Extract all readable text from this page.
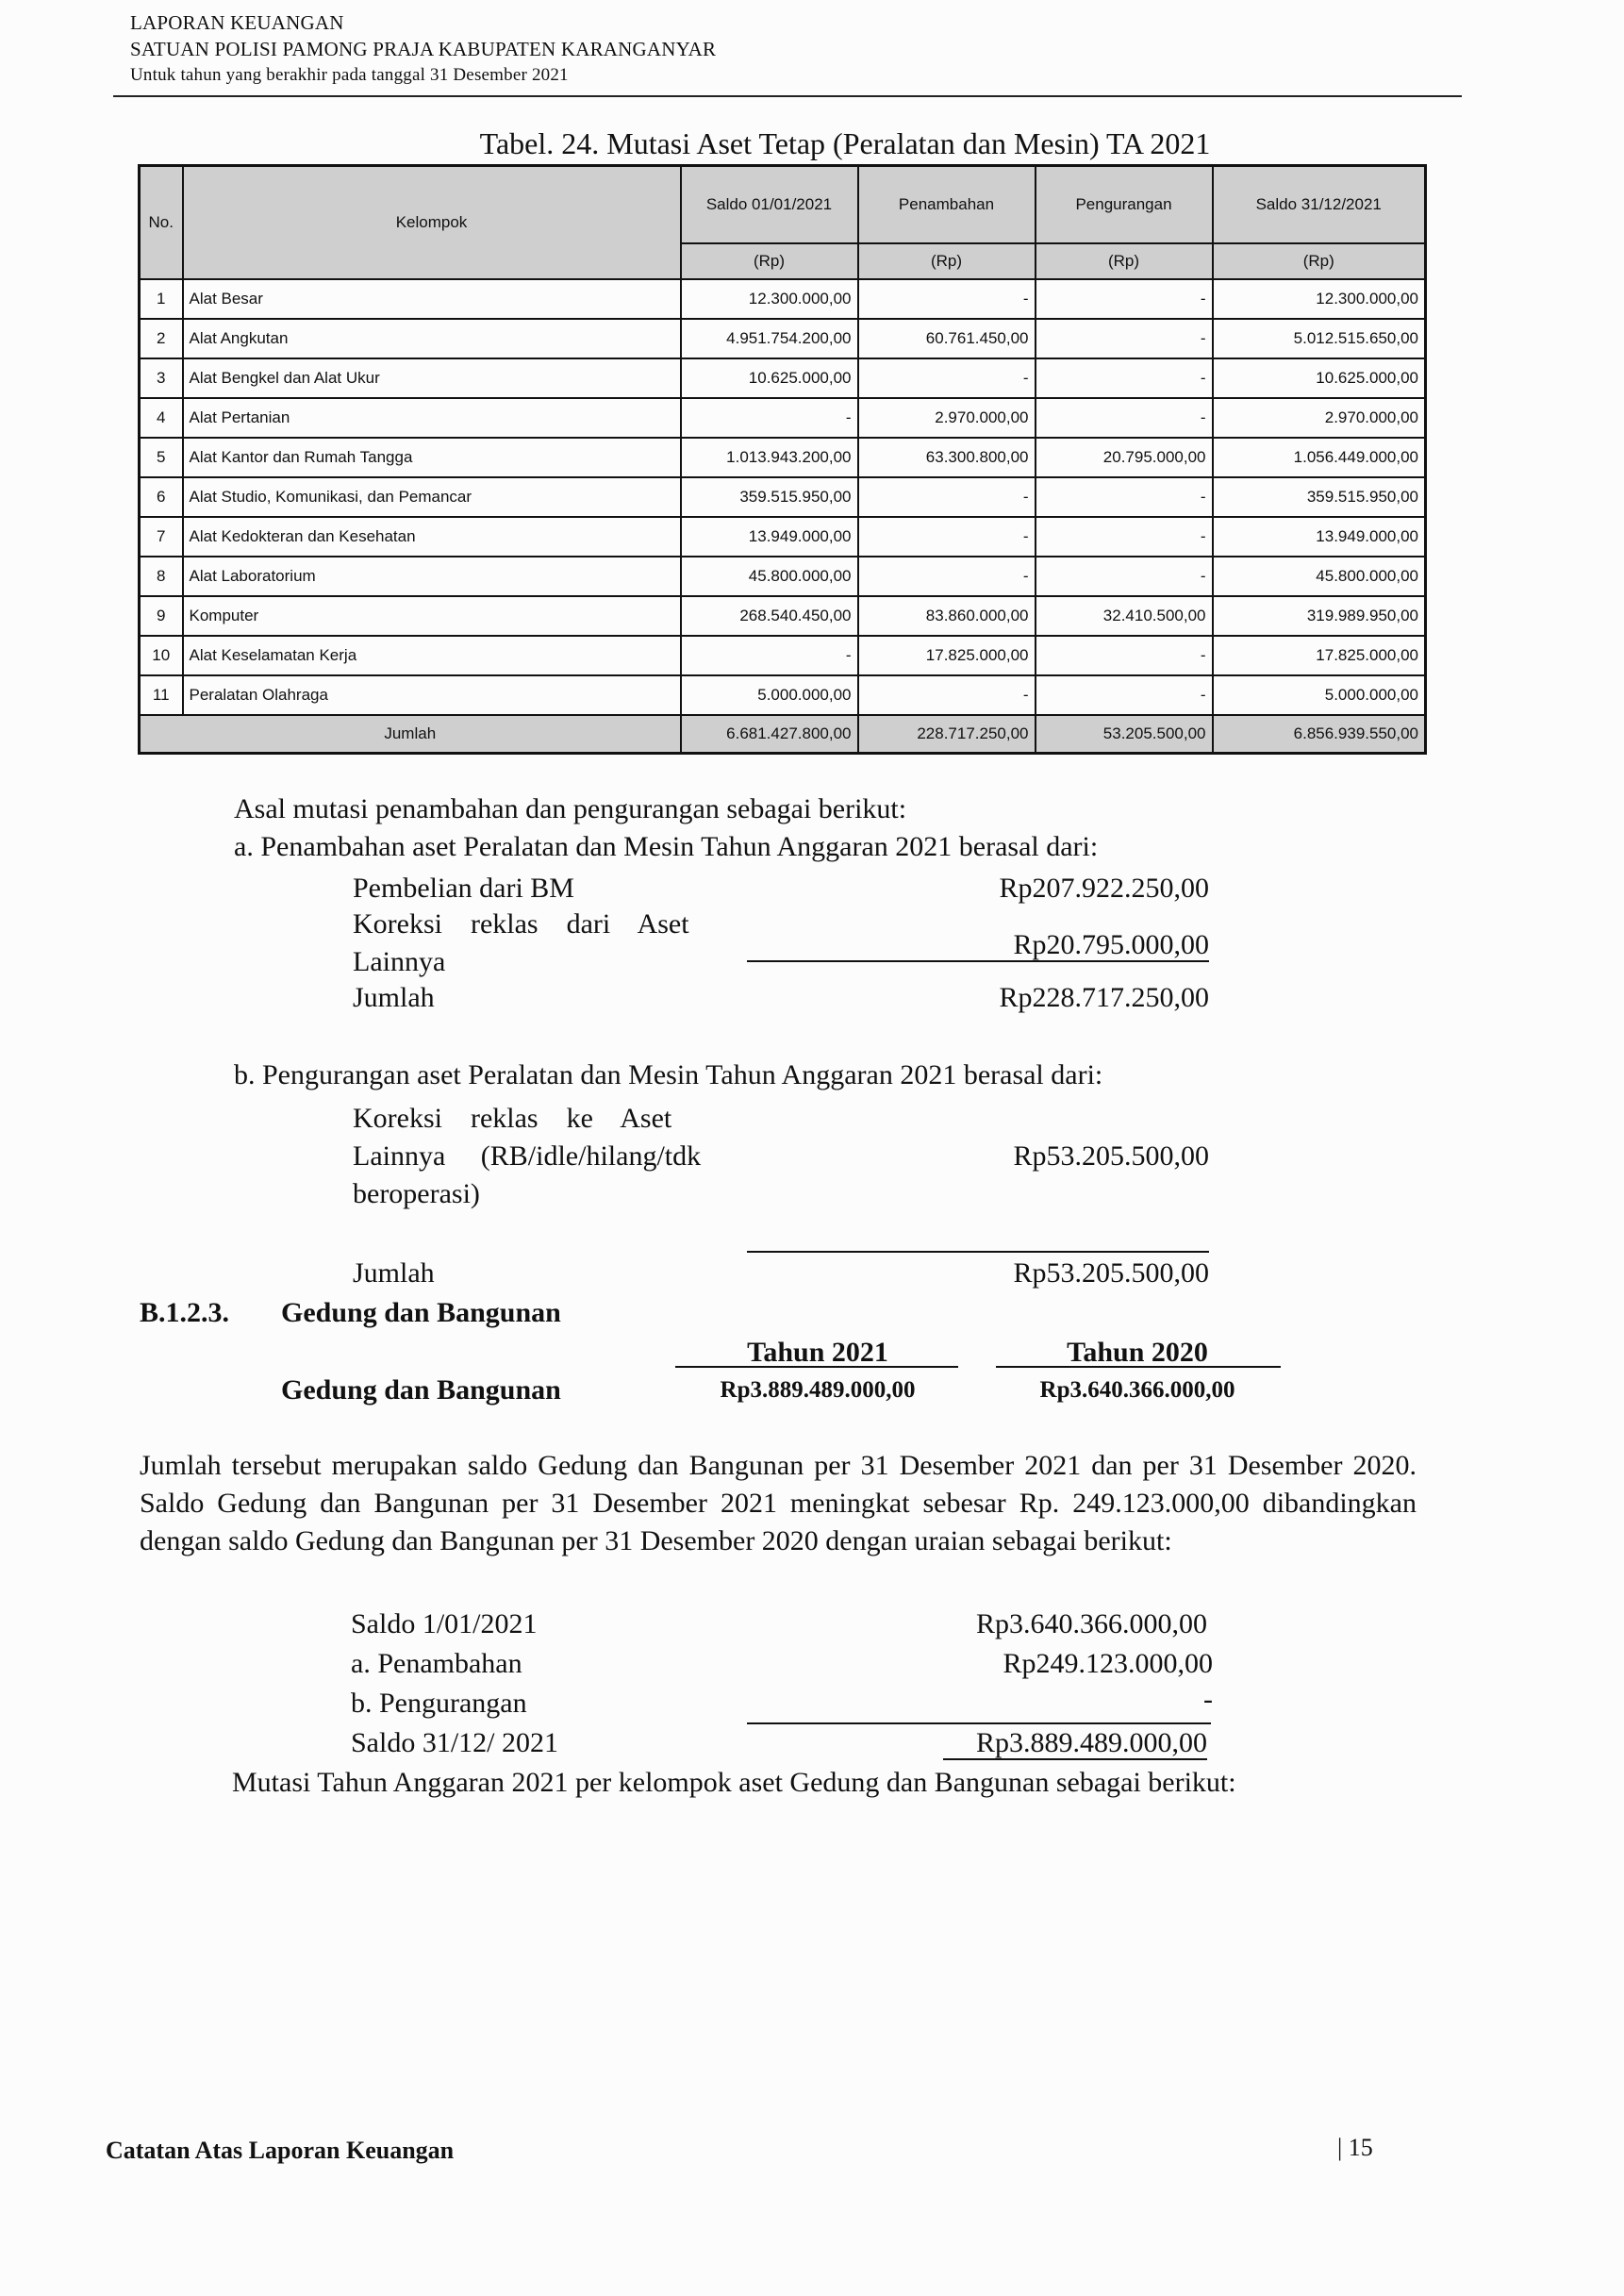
LAPORAN KEUANGAN
SATUAN POLISI PAMONG PRAJA KABUPATEN KARANGANYAR
Untuk tahun yang berakhir pada tanggal 31 Desember 2021
Tabel. 24. Mutasi Aset Tetap (Peralatan dan Mesin) TA 2021
No.	Kelompok	Saldo 01/01/2021	Penambahan	Pengurangan	Saldo 31/12/2021
		(Rp)	(Rp)	(Rp)	(Rp)
1	Alat Besar	12.300.000,00	-	-	12.300.000,00
2	Alat Angkutan	4.951.754.200,00	60.761.450,00	-	5.012.515.650,00
3	Alat Bengkel dan Alat Ukur	10.625.000,00	-	-	10.625.000,00
4	Alat Pertanian	-	2.970.000,00	-	2.970.000,00
5	Alat Kantor dan Rumah Tangga	1.013.943.200,00	63.300.800,00	20.795.000,00	1.056.449.000,00
6	Alat Studio, Komunikasi, dan Pemancar	359.515.950,00	-	-	359.515.950,00
7	Alat Kedokteran dan Kesehatan	13.949.000,00	-	-	13.949.000,00
8	Alat Laboratorium	45.800.000,00	-	-	45.800.000,00
9	Komputer	268.540.450,00	83.860.000,00	32.410.500,00	319.989.950,00
10	Alat Keselamatan Kerja	-	17.825.000,00	-	17.825.000,00
11	Peralatan Olahraga	5.000.000,00	-	-	5.000.000,00
Jumlah		6.681.427.800,00	228.717.250,00	53.205.500,00	6.856.939.550,00
Asal mutasi penambahan dan pengurangan sebagai berikut:
a. Penambahan aset Peralatan dan Mesin Tahun Anggaran 2021 berasal dari:
Pembelian dari BM	Rp207.922.250,00
Koreksi    reklas    dari    Aset
Lainnya
Rp20.795.000,00
Jumlah	Rp228.717.250,00
b. Pengurangan aset Peralatan dan Mesin Tahun Anggaran 2021 berasal dari:
Koreksi    reklas    ke    Aset
Lainnya     (RB/idle/hilang/tdk
beroperasi)
Rp53.205.500,00
Jumlah	Rp53.205.500,00
B.1.2.3. Gedung dan Bangunan
Tahun 2021	Tahun 2020
Gedung dan Bangunan	Rp3.889.489.000,00	Rp3.640.366.000,00
Jumlah tersebut merupakan saldo Gedung dan Bangunan per 31 Desember 2021 dan per 31 Desember 2020. Saldo Gedung dan Bangunan per 31 Desember 2021 meningkat sebesar Rp. 249.123.000,00 dibandingkan dengan saldo Gedung dan Bangunan per 31 Desember 2020 dengan uraian sebagai berikut:
Saldo 1/01/2021	Rp3.640.366.000,00
a. Penambahan	Rp249.123.000,00
b. Pengurangan	-
Saldo 31/12/ 2021	Rp3.889.489.000,00
Mutasi Tahun Anggaran 2021 per kelompok aset Gedung dan Bangunan sebagai berikut:
Catatan Atas Laporan Keuangan	| 15
